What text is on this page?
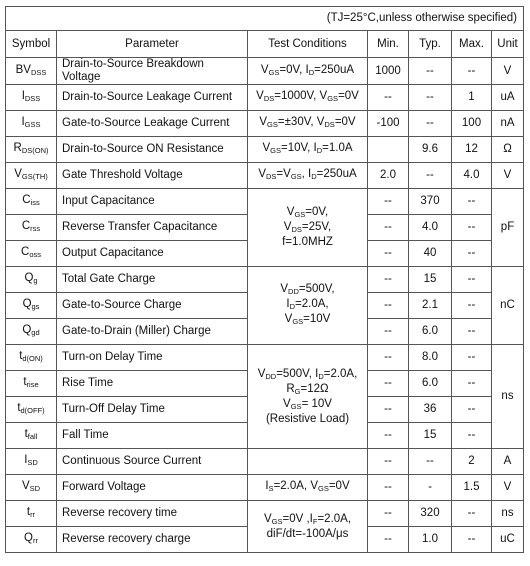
(TJ=25°C,unless otherwise specified)						
Symbol	Parameter	Test Conditions	Min.	Typ.	Max.	Unit
$BV_{DSS}$	Drain-to-Source Breakdown Voltage	$V_{GS}=0V$, $I_D=250uA$	1000	--	--	V
$I_{DSS}$	Drain-to-Source Leakage Current	$V_{DS}=1000V$, $V_{GS}=0V$	--	--	1	uA
$I_{GSS}$	Gate-to-Source Leakage Current	$V_{GS}=\pm 30V$, $V_{DS}=0V$	-100	--	100	nA
$R_{DS(ON)}$	Drain-to-Source ON Resistance	$V_{GS}=10V$, $I_D=1.0A$		9.6	12	Ω
$V_{GS(TH)}$	Gate Threshold Voltage	$V_{DS}=V_{GS}$, $I_D=250uA$	2.0	--	4.0	V
$C_{iss}$	Input Capacitance	$V_{GS}=0V$,
$V_{DS}=25V$,
f=1.0MHZ	--	370	--	pF
$C_{rss}$	Reverse Transfer Capacitance		--	4.0	--	
$C_{oss}$	Output Capacitance		--	40	--	
$Q_g$	Total Gate Charge	$V_{DD}=500V$,
$I_D=2.0A$,
$V_{GS}=10V$	--	15	--	nC
$Q_{gs}$	Gate-to-Source Charge		--	2.1	--	
$Q_{gd}$	Gate-to-Drain (Miller) Charge		--	6.0	--	
$t_{d(ON)}$	Turn-on Delay Time	$V_{DD}=500V$, $I_D=2.0A$,
$R_G=12\Omega$
$V_{GS}= 10V$
(Resistive Load)	--	8.0	--	ns
$t_{rise}$	Rise Time		--	6.0	--	
$t_{d(OFF)}$	Turn-Off Delay Time		--	36	--	
$t_{fall}$	Fall Time		--	15	--	
$I_{SD}$	Continuous Source Current		--	--	2	A
$V_{SD}$	Forward Voltage	$I_S=2.0A$, $V_{GS}=0V$	--	-	1.5	V
$t_{rr}$	Reverse recovery time	$V_{GS}=0V$ $,I_F=2.0A$,
diF/dt=-100A/μs	--	320	--	ns
$Q_{rr}$	Reverse recovery charge		--	1.0	--	uC
